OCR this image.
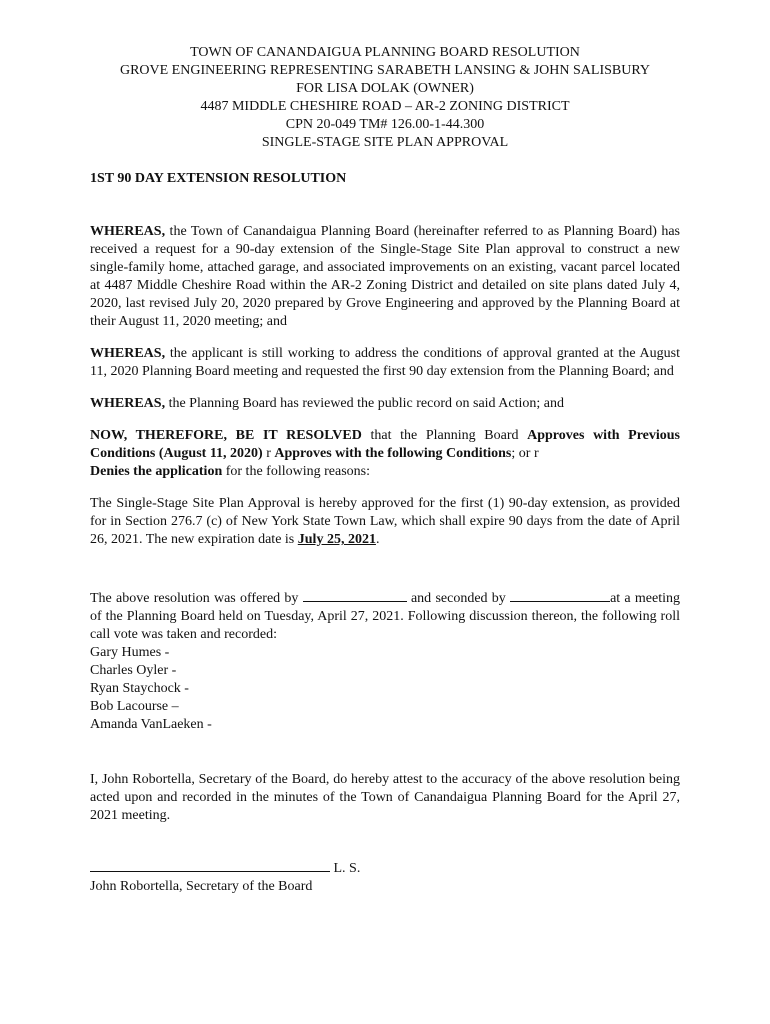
TOWN OF CANANDAIGUA PLANNING BOARD RESOLUTION
GROVE ENGINEERING REPRESENTING SARABETH LANSING & JOHN SALISBURY
FOR LISA DOLAK (OWNER)
4487 MIDDLE CHESHIRE ROAD – AR-2 ZONING DISTRICT
CPN 20-049 TM# 126.00-1-44.300
SINGLE-STAGE SITE PLAN APPROVAL
1ST 90 DAY EXTENSION RESOLUTION

WHEREAS, the Town of Canandaigua Planning Board (hereinafter referred to as Planning Board) has received a request for a 90-day extension of the Single-Stage Site Plan approval to construct a new single-family home, attached garage, and associated improvements on an existing, vacant parcel located at 4487 Middle Cheshire Road within the AR-2 Zoning District and detailed on site plans dated July 4, 2020, last revised July 20, 2020 prepared by Grove Engineering and approved by the Planning Board at their August 11, 2020 meeting; and

WHEREAS, the applicant is still working to address the conditions of approval granted at the August 11, 2020 Planning Board meeting and requested the first 90 day extension from the Planning Board; and

WHEREAS, the Planning Board has reviewed the public record on said Action; and

NOW, THEREFORE, BE IT RESOLVED that the Planning Board Approves with Previous Conditions (August 11, 2020) r Approves with the following Conditions; or r
Denies the application for the following reasons:

The Single-Stage Site Plan Approval is hereby approved for the first (1) 90-day extension, as provided for in Section 276.7 (c) of New York State Town Law, which shall expire 90 days from the date of April 26, 2021. The new expiration date is July 25, 2021.

The above resolution was offered by	and seconded by	at a meeting of the Planning Board held on Tuesday, April 27, 2021. Following discussion thereon, the following roll call vote was taken and recorded:

Gary Humes -
Charles Oyler -
Ryan Staychock -
Bob Lacourse –
Amanda VanLaeken -

I, John Robortella, Secretary of the Board, do hereby attest to the accuracy of the above resolution being acted upon and recorded in the minutes of the Town of Canandaigua Planning Board for the April 27, 2021 meeting.

L. S.
John Robortella, Secretary of the Board
